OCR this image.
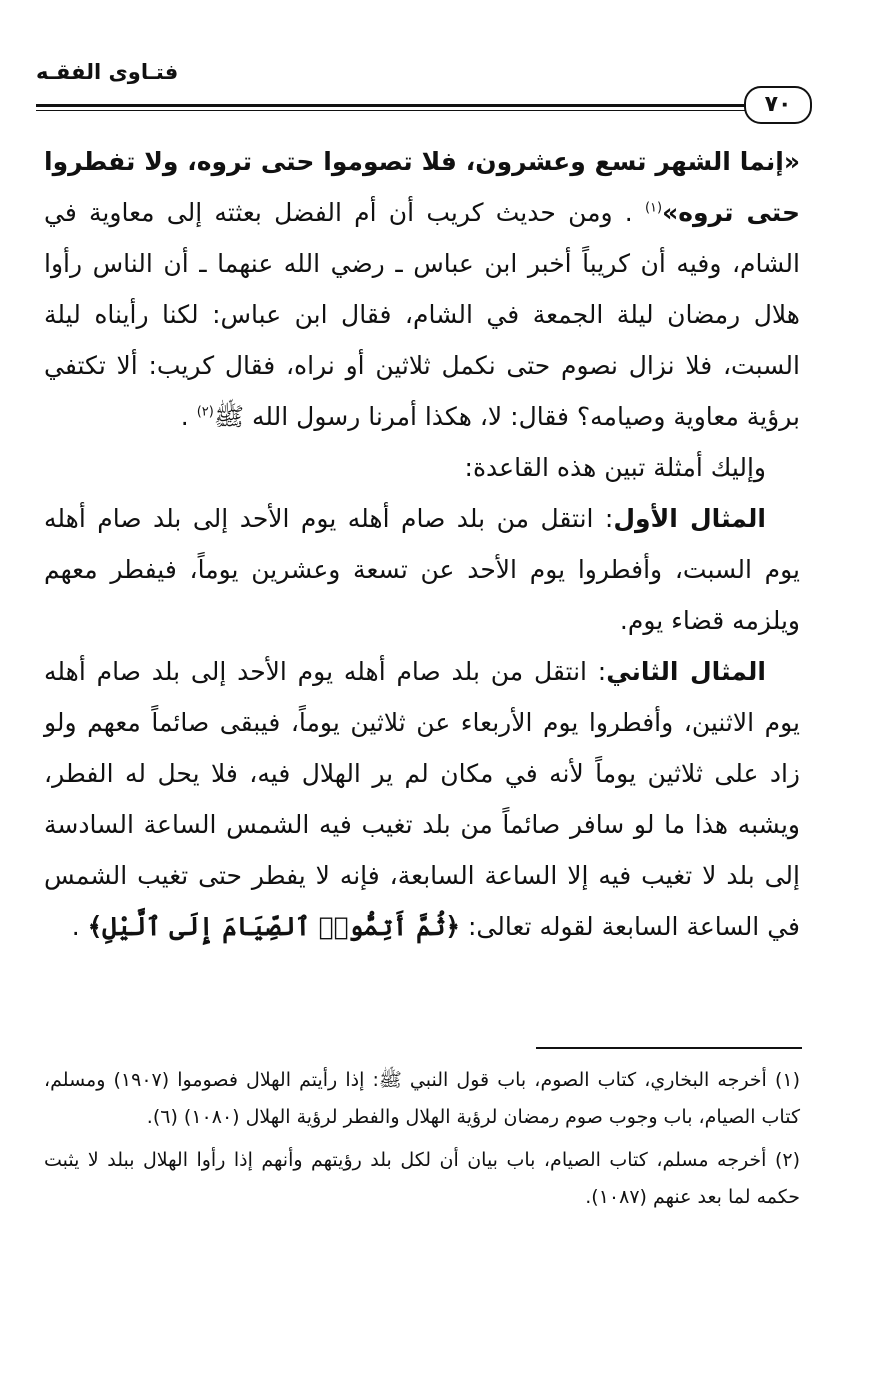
فتـاوى الفقـه
٧٠

«إنما الشهر تسع وعشرون، فلا تصوموا حتى تروه، ولا تفطروا حتى تروه»$^{(١)}$ . ومن حديث كريب أن أم الفضل بعثته إلى معاوية في الشام، وفيه أن كريباً أخبر ابن عباس ـ رضي الله عنهما ـ أن الناس رأوا هلال رمضان ليلة الجمعة في الشام، فقال ابن عباس: لكنا رأيناه ليلة السبت، فلا نزال نصوم حتى نكمل ثلاثين أو نراه، فقال كريب: ألا تكتفي برؤية معاوية وصيامه؟ فقال: لا، هكذا أمرنا رسول الله ﷺ$^{(٢)}$ .

وإليك أمثلة تبين هذه القاعدة:

المثال الأول: انتقل من بلد صام أهله يوم الأحد إلى بلد صام أهله يوم السبت، وأفطروا يوم الأحد عن تسعة وعشرين يوماً، فيفطر معهم ويلزمه قضاء يوم.

المثال الثاني: انتقل من بلد صام أهله يوم الأحد إلى بلد صام أهله يوم الاثنين، وأفطروا يوم الأربعاء عن ثلاثين يوماً، فيبقى صائماً معهم ولو زاد على ثلاثين يوماً لأنه في مكان لم ير الهلال فيه، فلا يحل له الفطر، ويشبه هذا ما لو سافر صائماً من بلد تغيب فيه الشمس الساعة السادسة إلى بلد لا تغيب فيه إلا الساعة السابعة، فإنه لا يفطر حتى تغيب الشمس في الساعة السابعة لقوله تعالى: ﴿ثُمَّ أَتِمُّوا۟ ٱلصِّيَامَ إِلَى ٱلَّيْلِ﴾ .

(١) أخرجه البخاري، كتاب الصوم، باب قول النبي ﷺ: إذا رأيتم الهلال فصوموا (١٩٠٧) ومسلم، كتاب الصيام، باب وجوب صوم رمضان لرؤية الهلال والفطر لرؤية الهلال (١٠٨٠) (٦).

(٢) أخرجه مسلم، كتاب الصيام، باب بيان أن لكل بلد رؤيتهم وأنهم إذا رأوا الهلال ببلد لا يثبت حكمه لما بعد عنهم (١٠٨٧).
